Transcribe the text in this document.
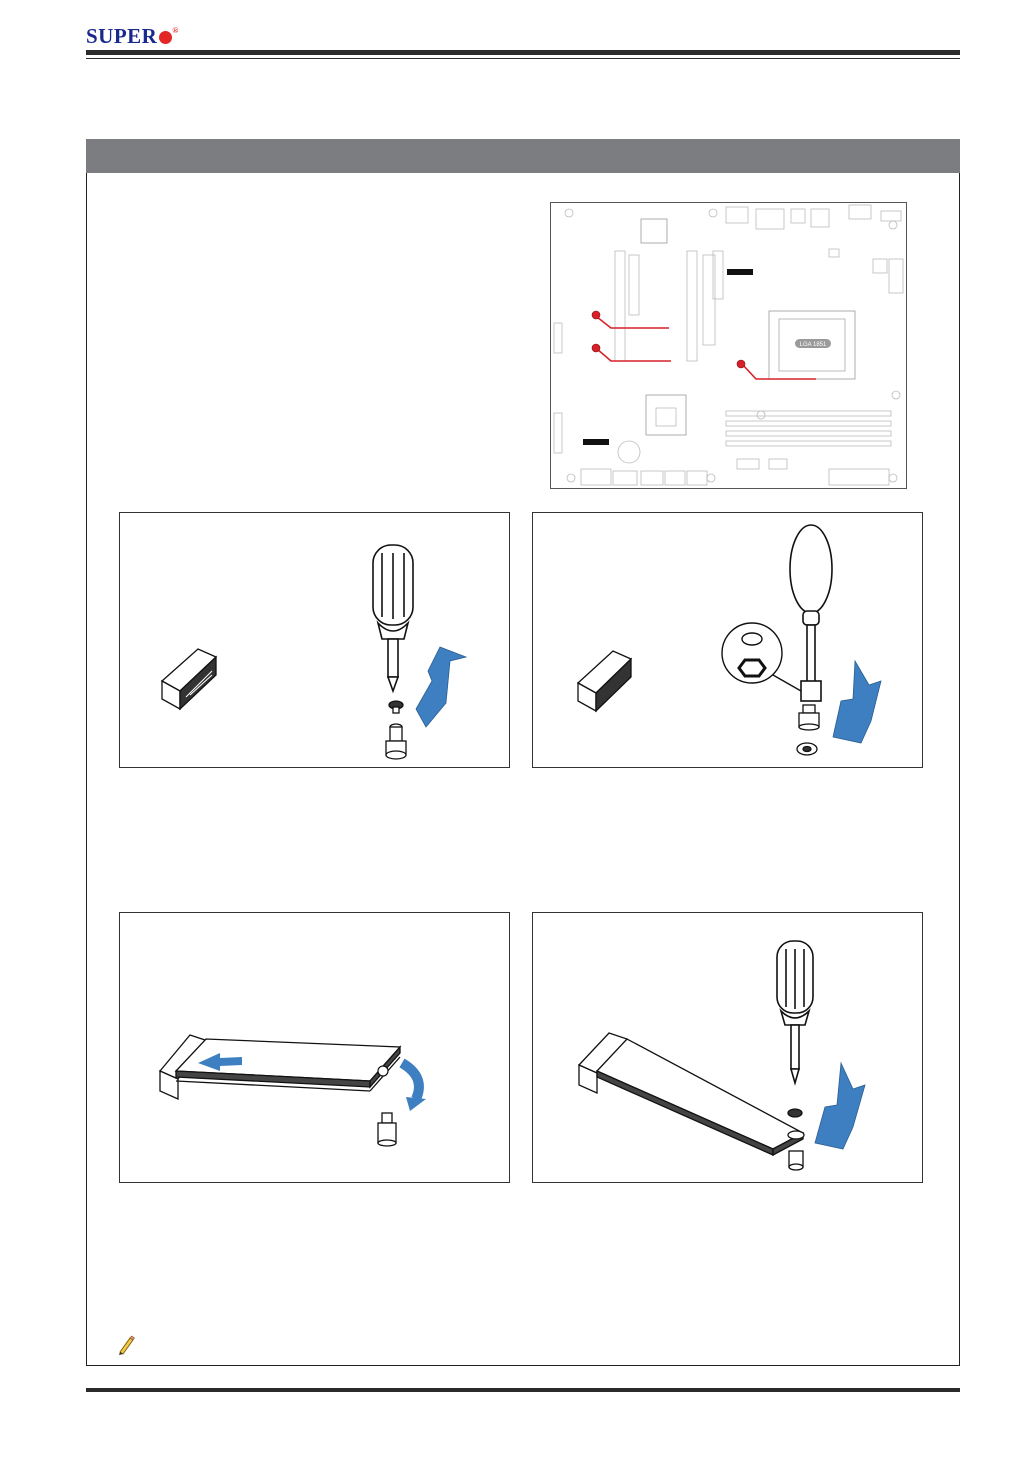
SUPER ®
LGA 1851
